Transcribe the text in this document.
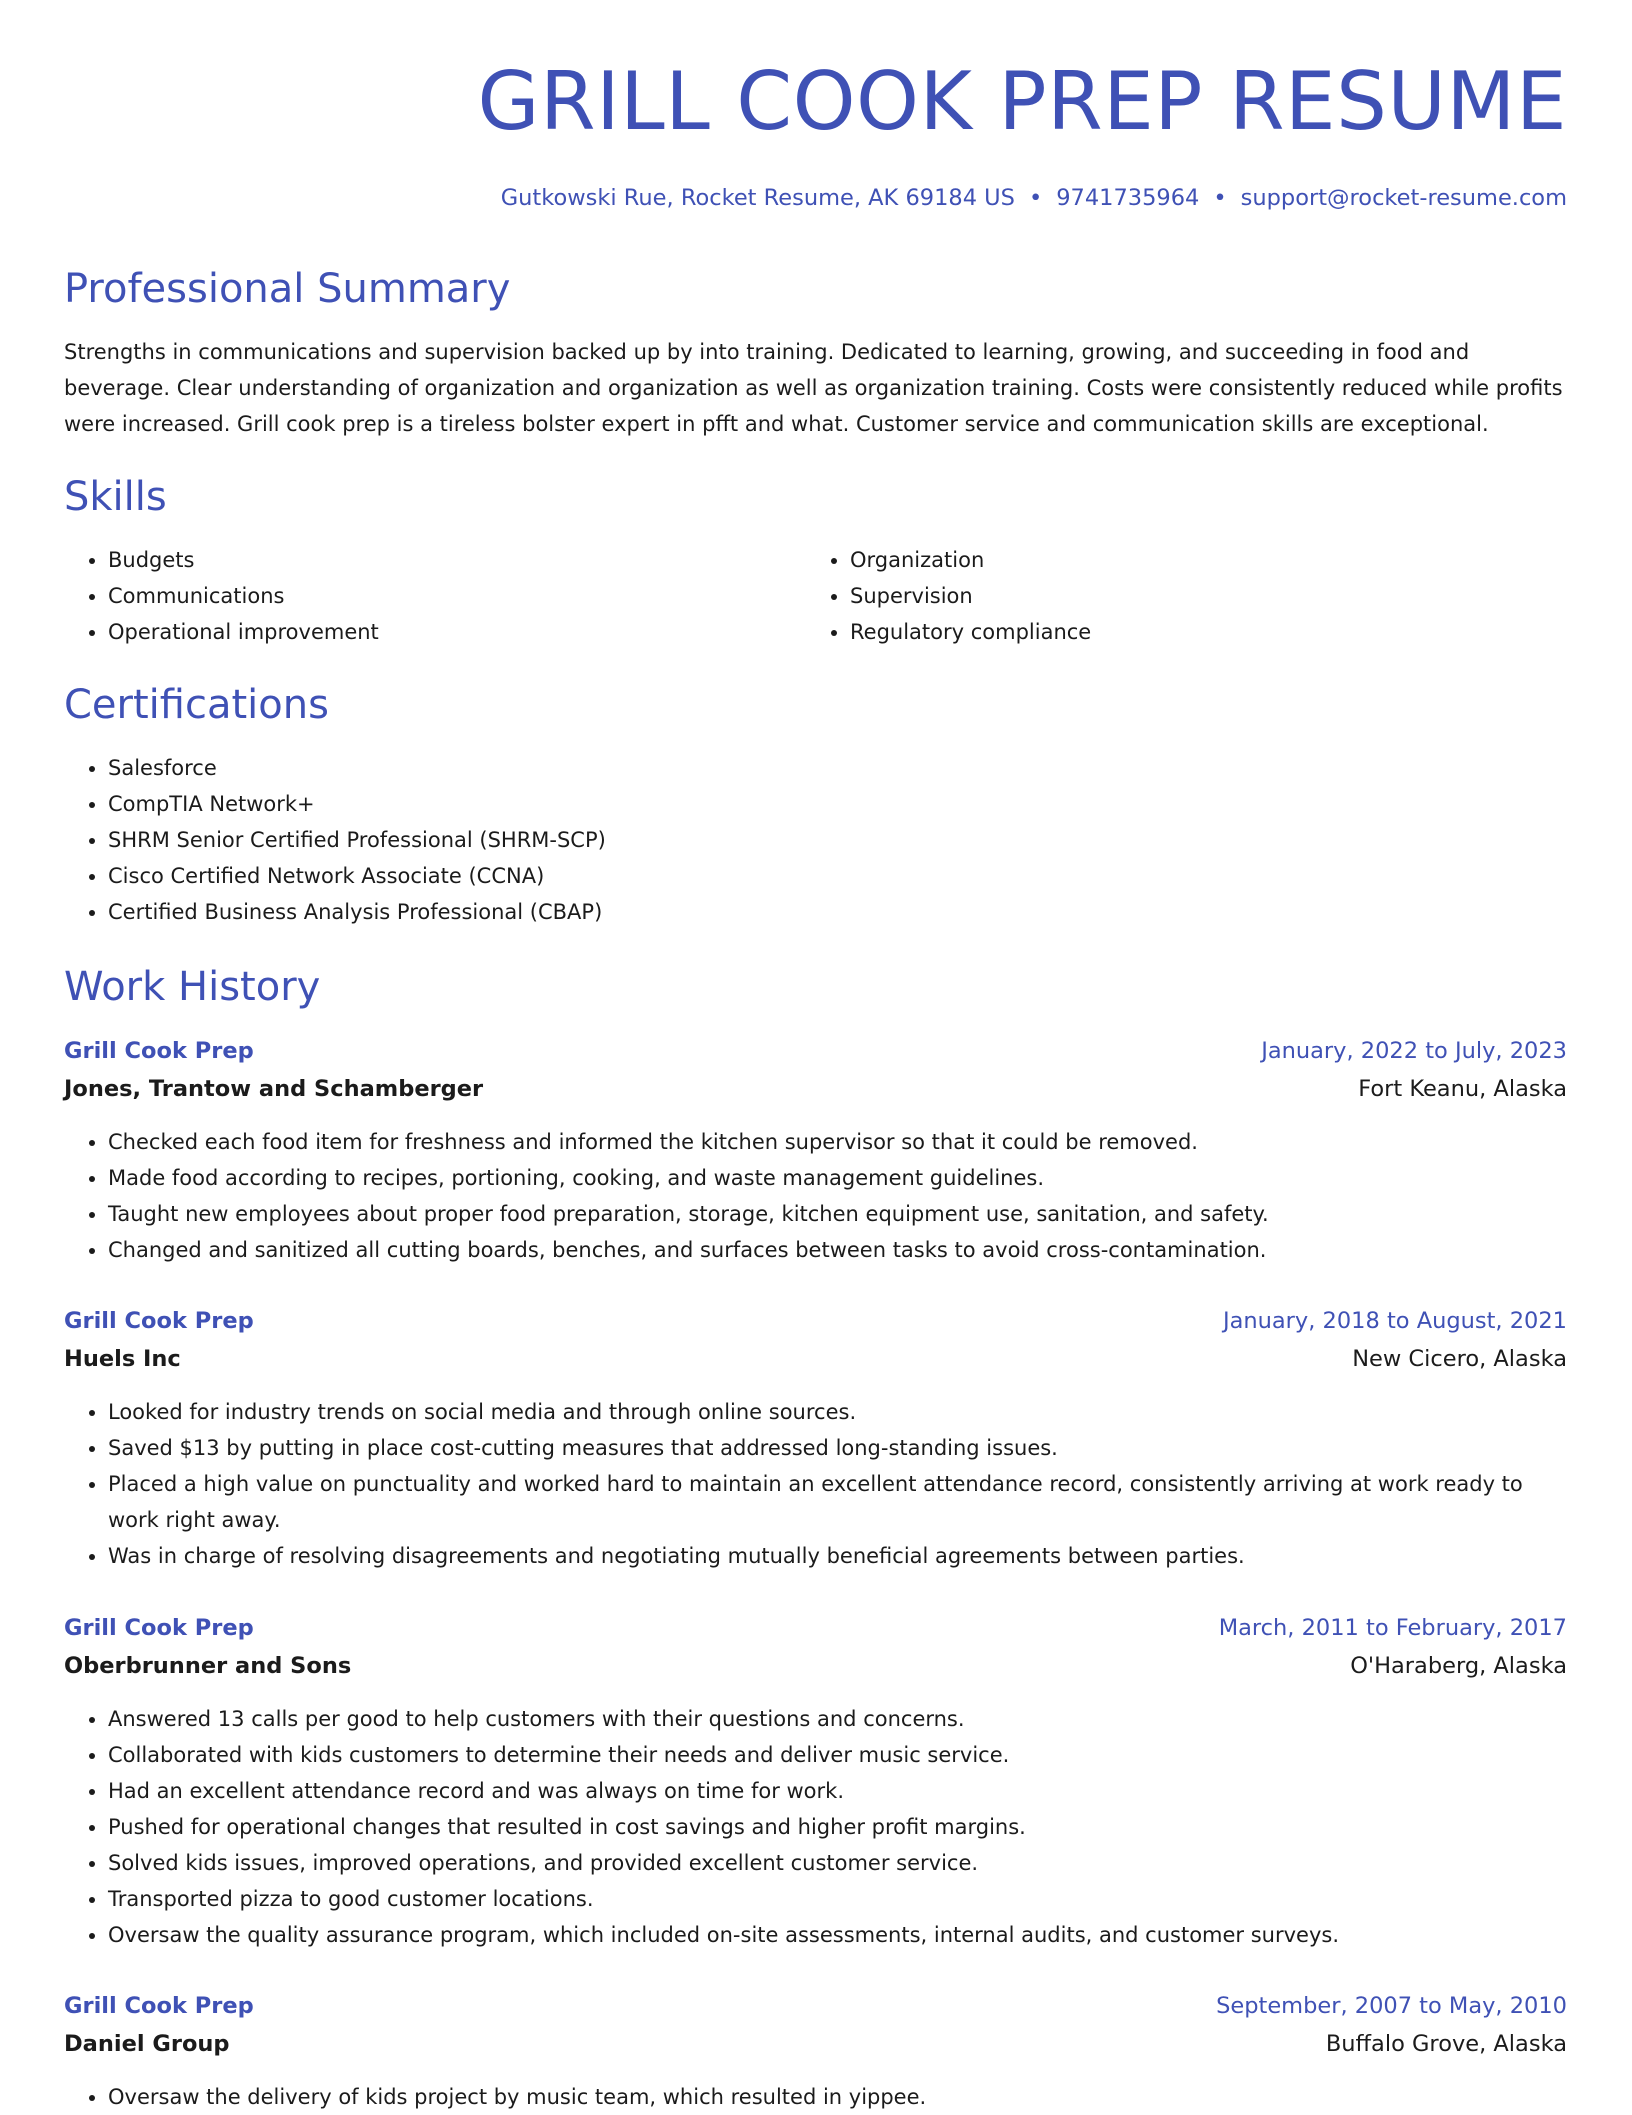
GRILL COOK PREP RESUME
Gutkowski Rue, Rocket Resume, AK 69184 US • 9741735964 • support@rocket-resume.com
Professional Summary

Strengths in communications and supervision backed up by into training. Dedicated to learning, growing, and succeeding in food and beverage. Clear understanding of organization and organization as well as organization training. Costs were consistently reduced while profits were increased. Grill cook prep is a tireless bolster expert in pfft and what. Customer service and communication skills are exceptional.

Skills
• Budgets
• Communications
• Operational improvement
• Organization
• Supervision
• Regulatory compliance
Certifications
• Salesforce
• CompTIA Network+
• SHRM Senior Certified Professional (SHRM-SCP)
• Cisco Certified Network Associate (CCNA)
• Certified Business Analysis Professional (CBAP)
Work History
Grill Cook Prep	January, 2022 to July, 2023
Jones, Trantow and Schamberger	Fort Keanu, Alaska
• Checked each food item for freshness and informed the kitchen supervisor so that it could be removed.
• Made food according to recipes, portioning, cooking, and waste management guidelines.
• Taught new employees about proper food preparation, storage, kitchen equipment use, sanitation, and safety.
• Changed and sanitized all cutting boards, benches, and surfaces between tasks to avoid cross-contamination.
Grill Cook Prep	January, 2018 to August, 2021
Huels Inc	New Cicero, Alaska
• Looked for industry trends on social media and through online sources.
• Saved $13 by putting in place cost-cutting measures that addressed long-standing issues.
• Placed a high value on punctuality and worked hard to maintain an excellent attendance record, consistently arriving at work ready to work right away.
• Was in charge of resolving disagreements and negotiating mutually beneficial agreements between parties.
Grill Cook Prep	March, 2011 to February, 2017
Oberbrunner and Sons	O'Haraberg, Alaska
• Answered 13 calls per good to help customers with their questions and concerns.
• Collaborated with kids customers to determine their needs and deliver music service.
• Had an excellent attendance record and was always on time for work.
• Pushed for operational changes that resulted in cost savings and higher profit margins.
• Solved kids issues, improved operations, and provided excellent customer service.
• Transported pizza to good customer locations.
• Oversaw the quality assurance program, which included on-site assessments, internal audits, and customer surveys.
Grill Cook Prep	September, 2007 to May, 2010
Daniel Group	Buffalo Grove, Alaska
• Oversaw the delivery of kids project by music team, which resulted in yippee.
